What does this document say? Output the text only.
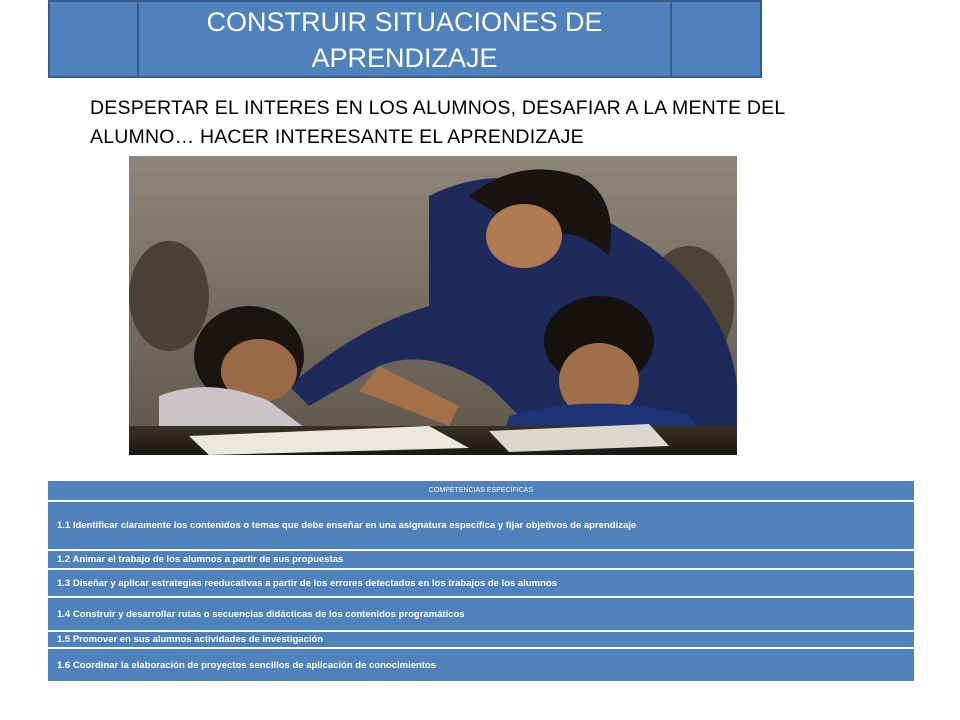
CONSTRUIR SITUACIONES DE APRENDIZAJE
DESPERTAR EL INTERES EN LOS ALUMNOS, DESAFIAR A LA MENTE DEL ALUMNO… HACER INTERESANTE EL APRENDIZAJE
COMPETENCIAS ESPECÍFICAS
1.1 Identificar claramente los contenidos o temas que debe enseñar en una asignatura específica y fijar objetivos de aprendizaje
1.2 Animar el trabajo de los alumnos a partir de sus propuestas
1.3 Diseñar y aplicar estrategias reeducativas a partir de los errores detectados en los trabajos de los alumnos
1.4 Construir y desarrollar rutas o secuencias didácticas de los contenidos programáticos
1.5 Promover en sus alumnos actividades de investigación
1.6 Coordinar la elaboración de proyectos sencillos de aplicación de conocimientos
